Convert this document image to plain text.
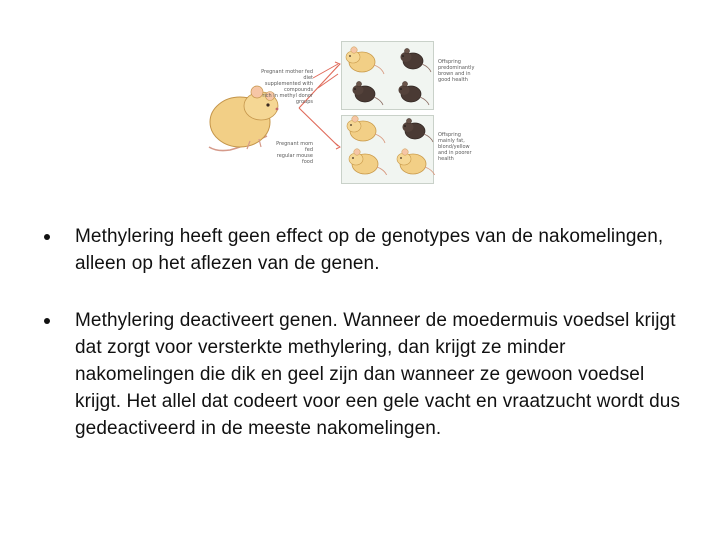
Pregnant mother fed diet
supplemented with compounds
rich in methyl donor groups
Pregnant mom fed
regular mouse food
Offspring
predominantly
brown and in
good health
Offspring
mainly fat,
blond/yellow
and in poorer
health
Methylering heeft geen effect op de genotypes van de nakomelingen, alleen op het aflezen van de genen.
Methylering deactiveert genen. Wanneer de moedermuis voedsel krijgt dat zorgt voor versterkte methylering, dan krijgt ze minder nakomelingen die dik en geel zijn dan wanneer ze gewoon voedsel krijgt. Het allel dat codeert voor een gele vacht en vraatzucht wordt dus gedeactiveerd in de meeste nakomelingen.
